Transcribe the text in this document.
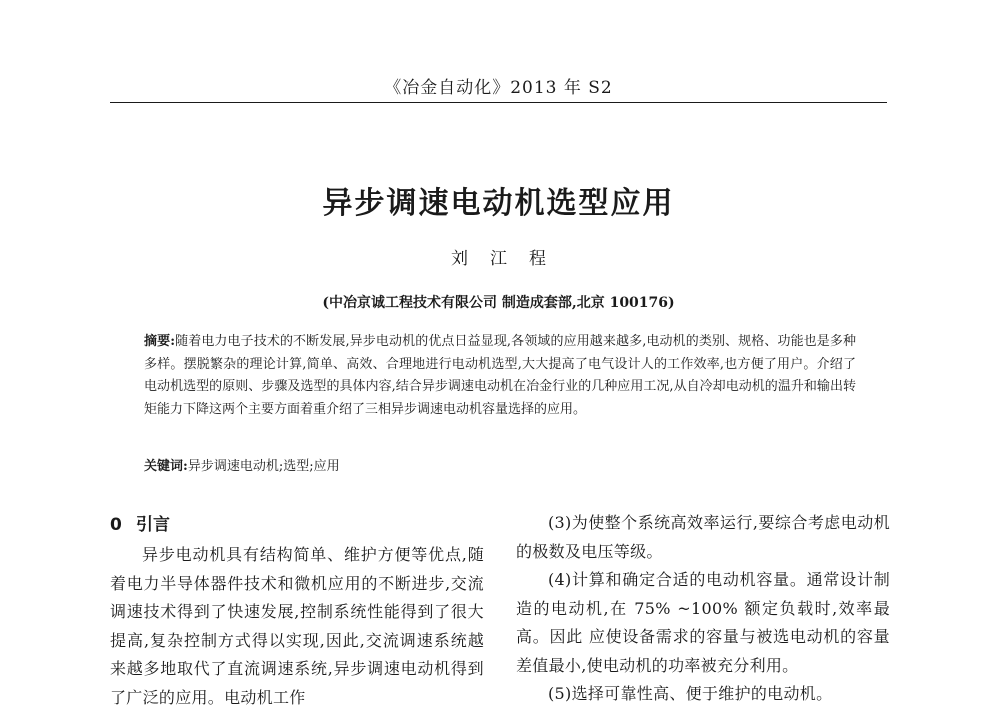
《冶金自动化》2013 年 S2
异步调速电动机选型应用
刘江程
(中冶京诚工程技术有限公司 制造成套部,北京 100176)
摘要:随着电力电子技术的不断发展,异步电动机的优点日益显现,各领域的应用越来越多,电动机的类别、规格、功能也是多种多样。摆脱繁杂的理论计算,简单、高效、合理地进行电动机选型,大大提高了电气设计人的工作效率,也方便了用户。介绍了电动机选型的原则、步骤及选型的具体内容,结合异步调速电动机在冶金行业的几种应用工况,从自冷却电动机的温升和输出转矩能力下降这两个主要方面着重介绍了三相异步调速电动机容量选择的应用。
关键词:异步调速电动机;选型;应用
0 引言

异步电动机具有结构简单、维护方便等优点,随着电力半导体器件技术和微机应用的不断进步,交流调速技术得到了快速发展,控制系统性能得到了很大提高,复杂控制方式得以实现,因此,交流调速系统越来越多地取代了直流调速系统,异步调速电动机得到了广泛的应用。电动机工作

(3)为使整个系统高效率运行,要综合考虑电动机的极数及电压等级。

(4)计算和确定合适的电动机容量。通常设计制造的电动机,在 75% ~100% 额定负载时,效率最高。因此 应使设备需求的容量与被选电动机的容量差值最小,使电动机的功率被充分利用。

(5)选择可靠性高、便于维护的电动机。
